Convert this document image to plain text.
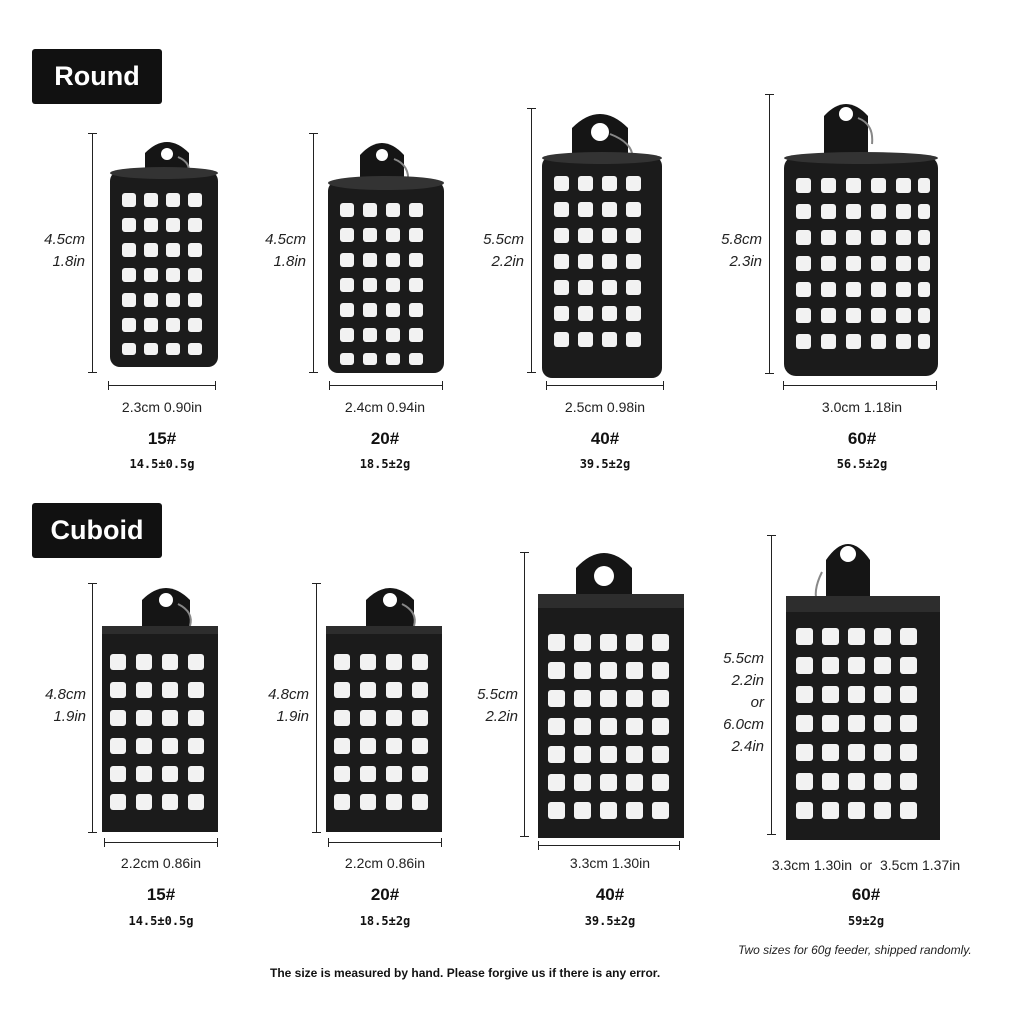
Round
Cuboid
4.5cm
1.8in
2.3cm 0.90in
15#
14.5±0.5g
4.5cm
1.8in
2.4cm 0.94in
20#
18.5±2g
5.5cm
2.2in
2.5cm 0.98in
40#
39.5±2g
5.8cm
2.3in
3.0cm 1.18in
60#
56.5±2g
4.8cm
1.9in
2.2cm 0.86in
15#
14.5±0.5g
4.8cm
1.9in
2.2cm 0.86in
20#
18.5±2g
5.5cm
2.2in
3.3cm 1.30in
40#
39.5±2g
5.5cm
2.2in
or
6.0cm
2.4in
3.3cm 1.30in  or  3.5cm 1.37in
60#
59±2g
Two sizes for 60g feeder, shipped randomly.
The size is measured by hand. Please forgive us if there is any error.
